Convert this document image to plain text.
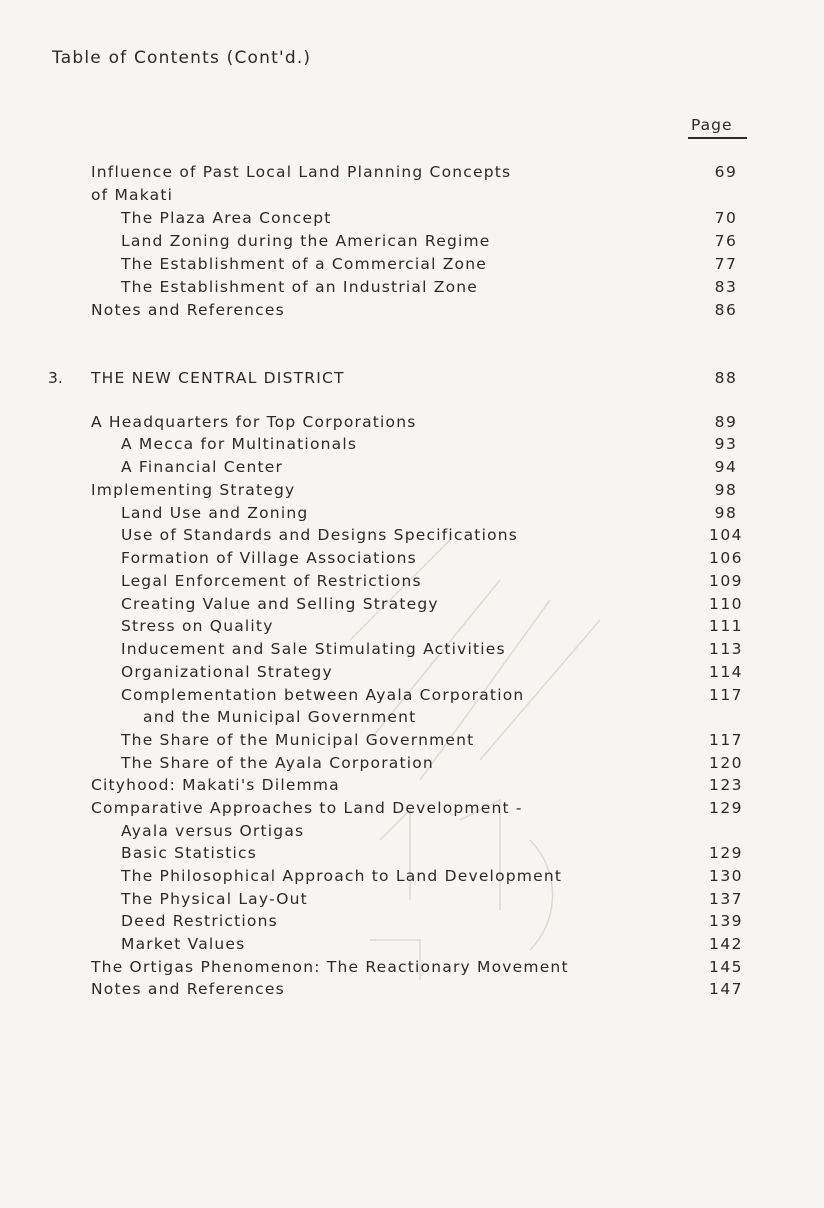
Table of Contents (Cont'd.)
Page
Influence of Past Local Land Planning Concepts	69
of Makati
The Plaza Area Concept	70
Land Zoning during the American Regime	76
The Establishment of a Commercial Zone	77
The Establishment of an Industrial Zone	83
Notes and References	86
3. THE NEW CENTRAL DISTRICT	88
A Headquarters for Top Corporations	89
A Mecca for Multinationals	93
A Financial Center	94
Implementing Strategy	98
Land Use and Zoning	98
Use of Standards and Designs Specifications	104
Formation of Village Associations	106
Legal Enforcement of Restrictions	109
Creating Value and Selling Strategy	110
Stress on Quality	111
Inducement and Sale Stimulating Activities	113
Organizational Strategy	114
Complementation between Ayala Corporation	117
and the Municipal Government
The Share of the Municipal Government	117
The Share of the Ayala Corporation	120
Cityhood: Makati's Dilemma	123
Comparative Approaches to Land Development -	129
Ayala versus Ortigas
Basic Statistics	129
The Philosophical Approach to Land Development	130
The Physical Lay-Out	137
Deed Restrictions	139
Market Values	142
The Ortigas Phenomenon: The Reactionary Movement	145
Notes and References	147
